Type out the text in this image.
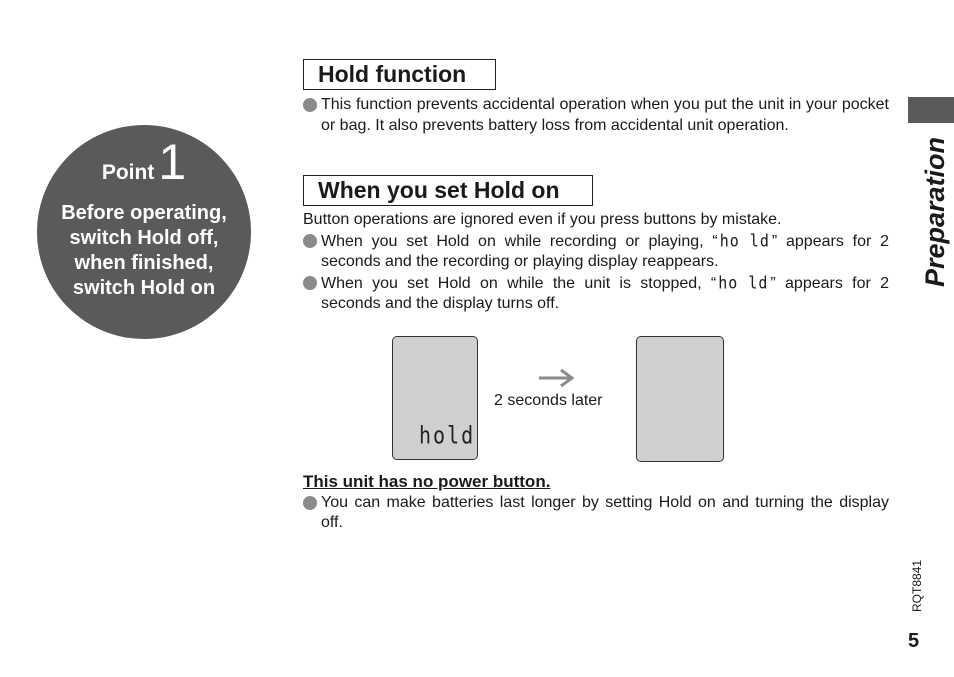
Point1
Before operating,
switch Hold off,
when finished,
switch Hold on
Hold function
This function prevents accidental operation when you put the unit in your pocket or bag. It also prevents battery loss from accidental unit operation.
When you set Hold on
Button operations are ignored even if you press buttons by mistake.
When you set Hold on while recording or playing, “ ho ld ” appears for 2 seconds and the recording or playing display reappears.
When you set Hold on while the unit is stopped, “ ho ld ” appears for 2 seconds and the display turns off.
hold
2 seconds later
This unit has no power button.
You can make batteries last longer by setting Hold on and turning the display off.
Preparation
RQT8841
5
